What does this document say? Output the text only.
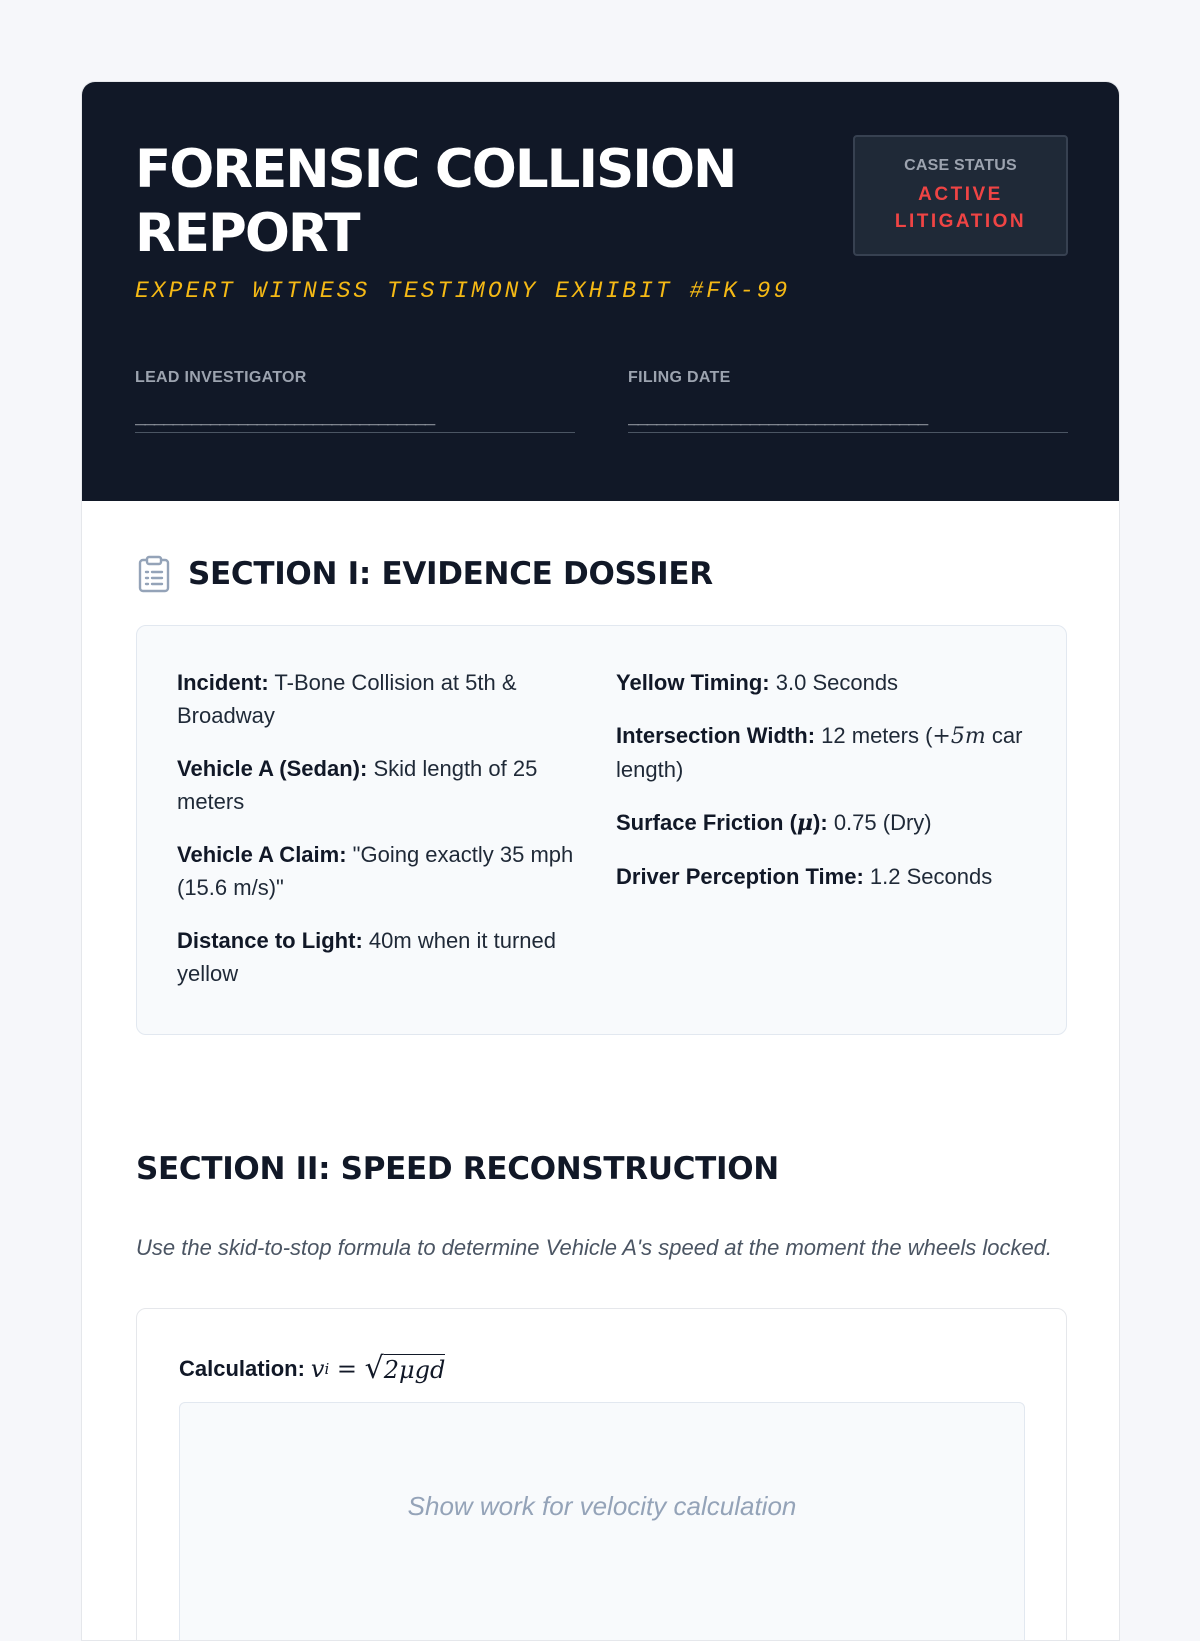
FORENSIC COLLISION REPORT
EXPERT WITNESS TESTIMONY EXHIBIT #FK-99
CASE STATUS
ACTIVE LITIGATION
LEAD INVESTIGATOR
________________________________
FILING DATE
________________________________
SECTION I: EVIDENCE DOSSIER

Incident: T-Bone Collision at 5th & Broadway

Vehicle A (Sedan): Skid length of 25 meters

Vehicle A Claim: "Going exactly 35 mph (15.6 m/s)"

Distance to Light: 40m when it turned yellow

Yellow Timing: 3.0 Seconds

Intersection Width: 12 meters (+5m car length)

Surface Friction (μ): 0.75 (Dry)

Driver Perception Time: 1.2 Seconds

SECTION II: SPEED RECONSTRUCTION

Use the skid-to-stop formula to determine Vehicle A's speed at the moment the wheels locked.

Calculation: v i = √ 2μgd
Show work for velocity calculation
